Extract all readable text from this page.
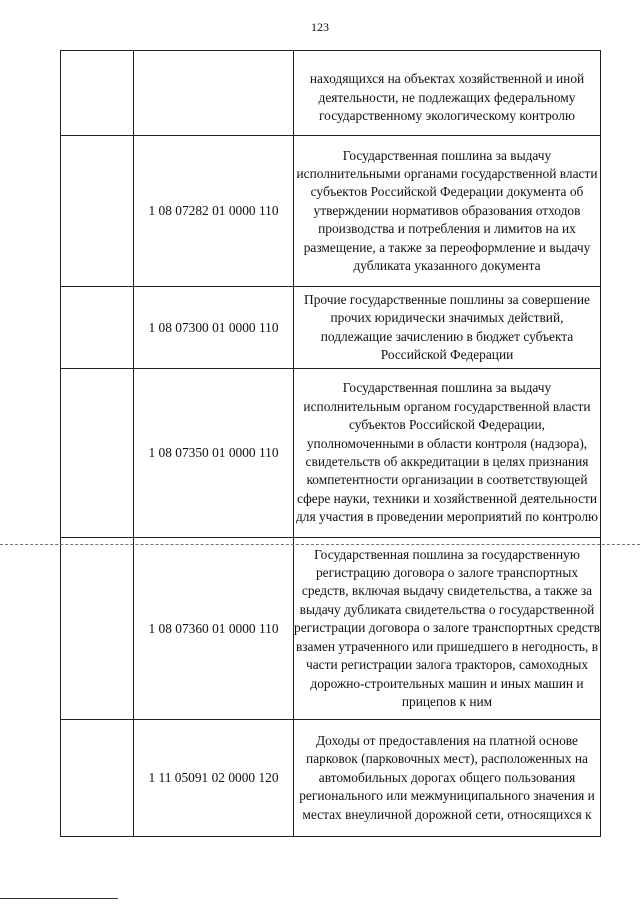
123
		находящихся на объектах хозяйственной и иной деятельности, не подлежащих федеральному государственному экологическому контролю
	1 08 07282 01 0000 110	Государственная пошлина за выдачу исполнительными органами государственной власти субъектов Российской Федерации документа об утверждении нормативов образования отходов производства и потребления и лимитов на их размещение, а также за переоформление и выдачу дубликата указанного документа
	1 08 07300 01 0000 110	Прочие государственные пошлины за совершение прочих юридически значимых действий, подлежащие зачислению в бюджет субъекта Российской Федерации
	1 08 07350 01 0000 110	Государственная пошлина за выдачу исполнительным органом государственной власти субъектов Российской Федерации, уполномоченными в области контроля (надзора), свидетельств об аккредитации в целях признания компетентности организации в соответствующей сфере науки, техники и хозяйственной деятельности для участия в проведении мероприятий по контролю
	1 08 07360 01 0000 110	Государственная пошлина за государственную регистрацию договора о залоге транспортных средств, включая выдачу свидетельства, а также за выдачу дубликата свидетельства о государственной регистрации договора о залоге транспортных средств взамен утраченного или пришедшего в негодность, в части регистрации залога тракторов, самоходных дорожно-строительных машин и иных машин и прицепов к ним
	1 11 05091 02 0000 120	Доходы от предоставления на платной основе парковок (парковочных мест), расположенных на автомобильных дорогах общего пользования регионального или межмуниципального значения и местах внеуличной дорожной сети, относящихся к
